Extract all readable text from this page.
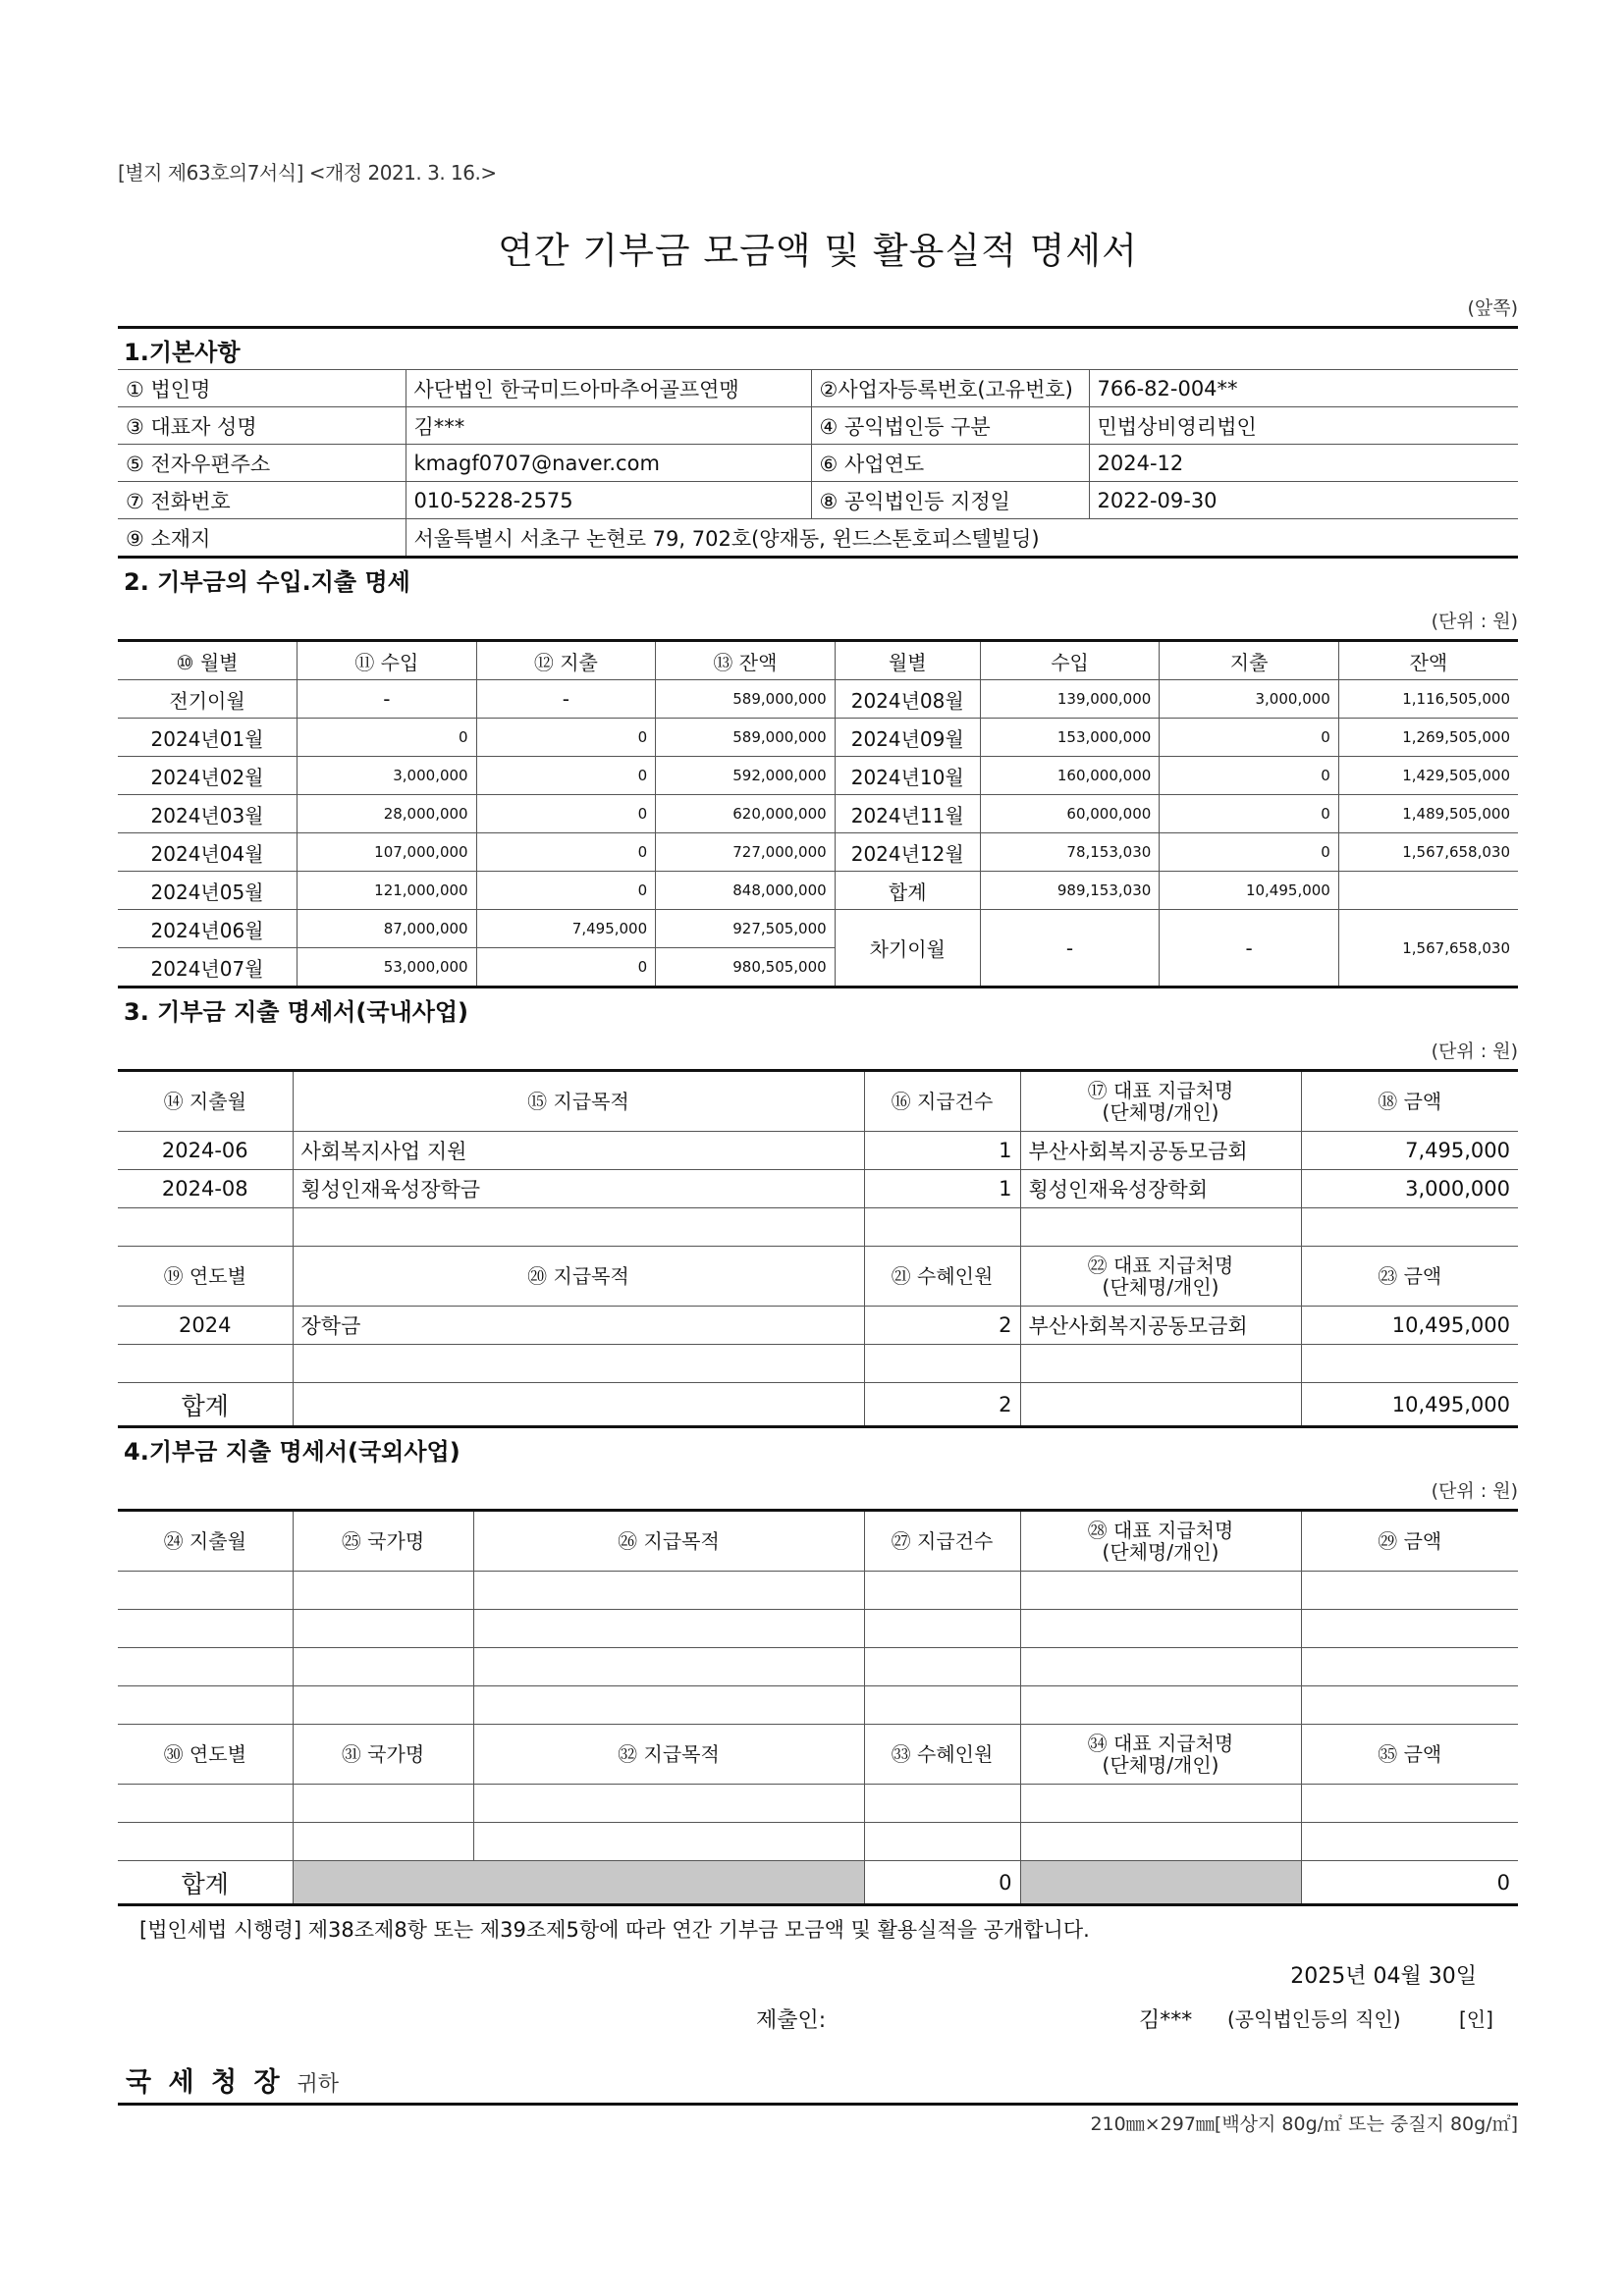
[별지 제63호의7서식] <개정 2021. 3. 16.>
연간 기부금 모금액 및 활용실적 명세서
(앞쪽)
1.기본사항
① 법인명	사단법인 한국미드아마추어골프연맹	②사업자등록번호(고유번호)	766-82-004**
③ 대표자 성명	김***	④ 공익법인등 구분	민법상비영리법인
⑤ 전자우편주소	kmagf0707@naver.com	⑥ 사업연도	2024-12
⑦ 전화번호	010-5228-2575	⑧ 공익법인등 지정일	2022-09-30
⑨ 소재지	서울특별시 서초구 논현로 79, 702호(양재동, 윈드스톤호피스텔빌딩)		
2. 기부금의 수입.지출 명세
(단위 : 원)
⑩ 월별	⑪ 수입	⑫ 지출	⑬ 잔액	월별	수입	지출	잔액
전기이월	-	-	589,000,000	2024년08월	139,000,000	3,000,000	1,116,505,000
2024년01월	0	0	589,000,000	2024년09월	153,000,000	0	1,269,505,000
2024년02월	3,000,000	0	592,000,000	2024년10월	160,000,000	0	1,429,505,000
2024년03월	28,000,000	0	620,000,000	2024년11월	60,000,000	0	1,489,505,000
2024년04월	107,000,000	0	727,000,000	2024년12월	78,153,030	0	1,567,658,030
2024년05월	121,000,000	0	848,000,000	합계	989,153,030	10,495,000	
2024년06월	87,000,000	7,495,000	927,505,000	차기이월	-	-	1,567,658,030
2024년07월	53,000,000	0	980,505,000				
3. 기부금 지출 명세서(국내사업)
(단위 : 원)
⑭ 지출월	⑮ 지급목적	⑯ 지급건수	⑰ 대표 지급처명
(단체명/개인)	⑱ 금액
2024-06	사회복지사업 지원	1	부산사회복지공동모금회	7,495,000
2024-08	횡성인재육성장학금	1	횡성인재육성장학회	3,000,000

⑲ 연도별	⑳ 지급목적	㉑ 수혜인원	㉒ 대표 지급처명
(단체명/개인)	㉓ 금액
2024	장학금	2	부산사회복지공동모금회	10,495,000

합계		2		10,495,000
4.기부금 지출 명세서(국외사업)
(단위 : 원)
㉔ 지출월	㉕ 국가명	㉖ 지급목적	㉗ 지급건수	㉘ 대표 지급처명
(단체명/개인)	㉙ 금액

㉚ 연도별	㉛ 국가명	㉜ 지급목적	㉝ 수혜인원	㉞ 대표 지급처명
(단체명/개인)	㉟ 금액

합계			0		0
[법인세법 시행령] 제38조제8항 또는 제39조제5항에 따라 연간 기부금 모금액 및 활용실적을 공개합니다.
2025년 04월 30일
제출인:	김*** (공익법인등의 직인)	[인]
국 세 청 장 귀하
210㎜×297㎜[백상지 80g/㎡ 또는 중질지 80g/㎡]
